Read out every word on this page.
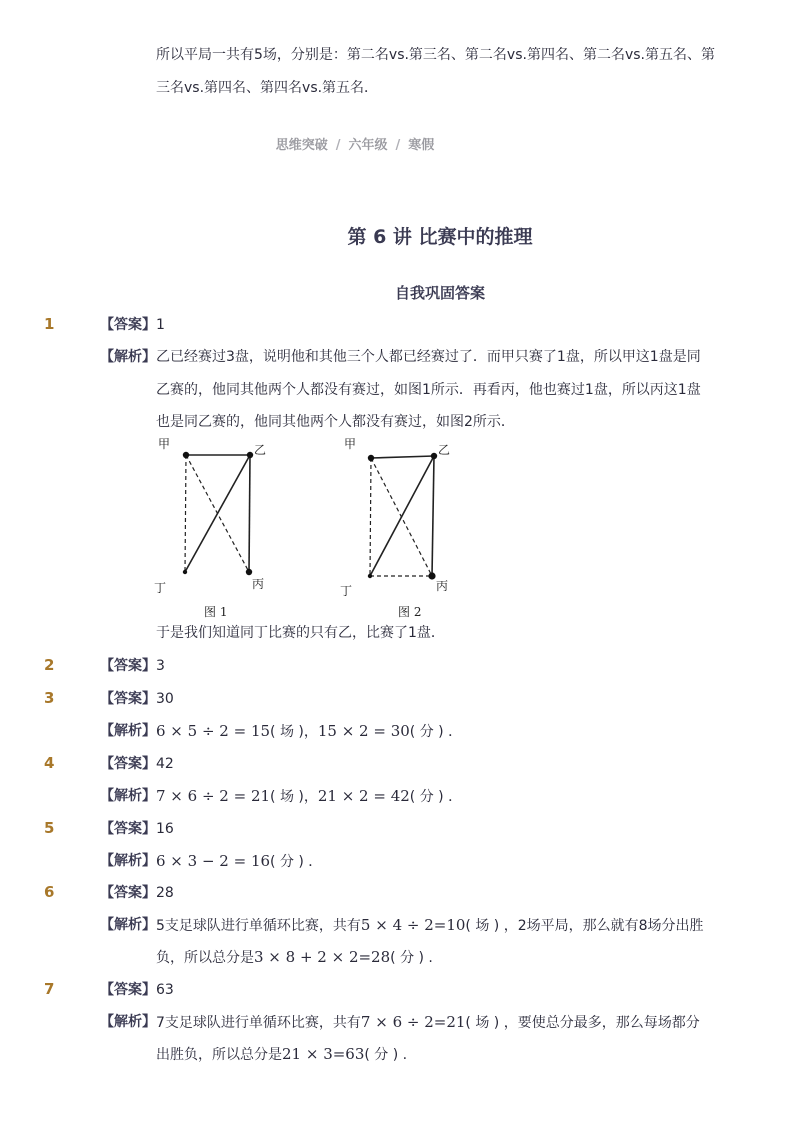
所以平局一共有5场，分别是：第二名vs.第三名、第二名vs.第四名、第二名vs.第五名、第
三名vs.第四名、第四名vs.第五名．
思维突破 / 六年级 / 寒假
第 6 讲 比赛中的推理
自我巩固答案
1	【答案】 1
【解析】 乙已经赛过3盘，说明他和其他三个人都已经赛过了．而甲只赛了1盘，所以甲这1盘是同
乙赛的，他同其他两个人都没有赛过，如图1所示．再看丙，他也赛过1盘，所以丙这1盘
也是同乙赛的，他同其他两个人都没有赛过，如图2所示．
甲	乙
丁	丙
图 1
甲	乙
丁	丙
图 2
于是我们知道同丁比赛的只有乙，比赛了1盘．
2	【答案】 3
3	【答案】 30
【解析】 6 × 5 ÷ 2 = 15( 场 )，15 × 2 = 30( 分 ) ．
4	【答案】 42
【解析】 7 × 6 ÷ 2 = 21( 场 )，21 × 2 = 42( 分 ) ．
5	【答案】 16
【解析】 6 × 3 − 2 = 16( 分 ) ．
6	【答案】 28
【解析】 5支足球队进行单循环比赛，共有5 × 4 ÷ 2=10( 场 ) ，2场平局，那么就有8场分出胜
负，所以总分是3 × 8 + 2 × 2=28( 分 ) .
7	【答案】 63
【解析】 7支足球队进行单循环比赛，共有7 × 6 ÷ 2=21( 场 ) ，要使总分最多，那么每场都分
出胜负，所以总分是21 × 3=63( 分 ) .
